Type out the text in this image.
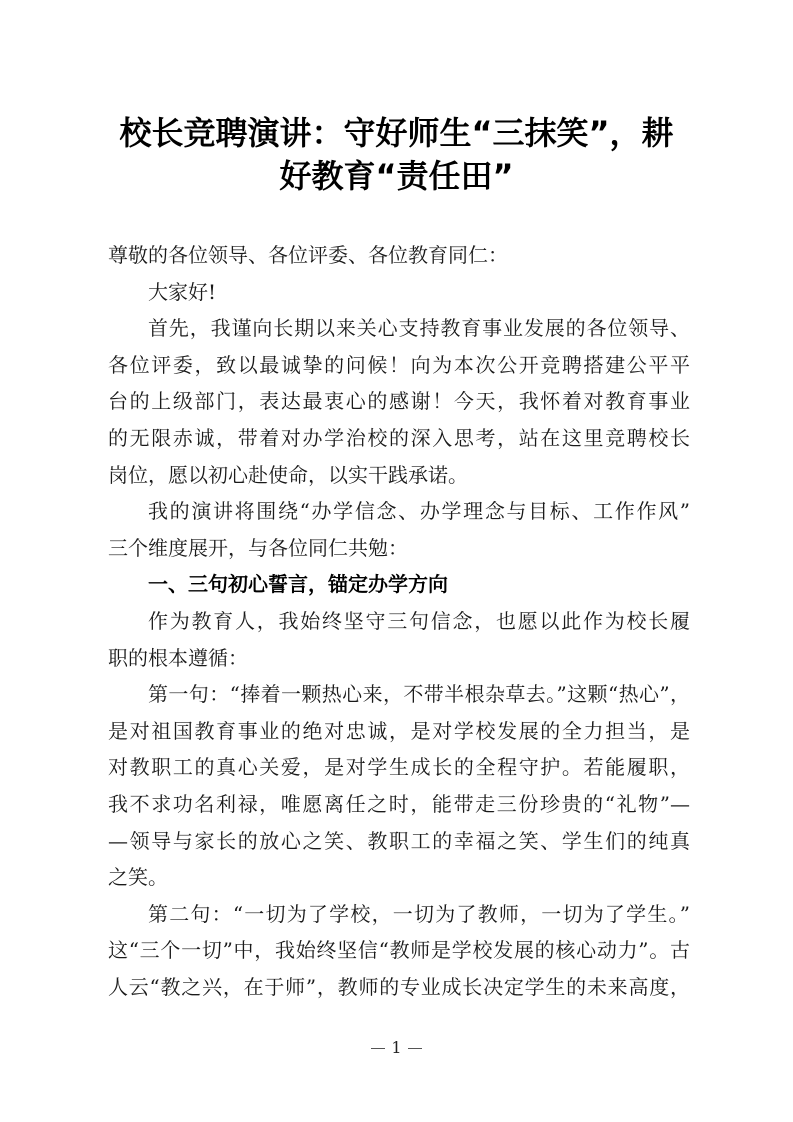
校长竞聘演讲：守好师生“三抹笑”，耕
好教育“责任田”
尊敬的各位领导、各位评委、各位教育同仁：
大家好!
首先，我谨向长期以来关心支持教育事业发展的各位领导、
各位评委，致以最诚挚的问候！向为本次公开竞聘搭建公平平
台的上级部门，表达最衷心的感谢！今天，我怀着对教育事业
的无限赤诚，带着对办学治校的深入思考，站在这里竞聘校长
岗位，愿以初心赴使命，以实干践承诺。
我的演讲将围绕“办学信念、办学理念与目标、工作作风”
三个维度展开，与各位同仁共勉：
一、三句初心誓言，锚定办学方向
作为教育人，我始终坚守三句信念，也愿以此作为校长履
职的根本遵循：
第一句：“捧着一颗热心来，不带半根杂草去。”这颗“热心”，
是对祖国教育事业的绝对忠诚，是对学校发展的全力担当，是
对教职工的真心关爱，是对学生成长的全程守护。若能履职，
我不求功名利禄，唯愿离任之时，能带走三份珍贵的“礼物”—
—领导与家长的放心之笑、教职工的幸福之笑、学生们的纯真
之笑。
第二句：“一切为了学校，一切为了教师，一切为了学生。”
这“三个一切”中，我始终坚信“教师是学校发展的核心动力”。古
人云“教之兴，在于师”，教师的专业成长决定学生的未来高度，
1
